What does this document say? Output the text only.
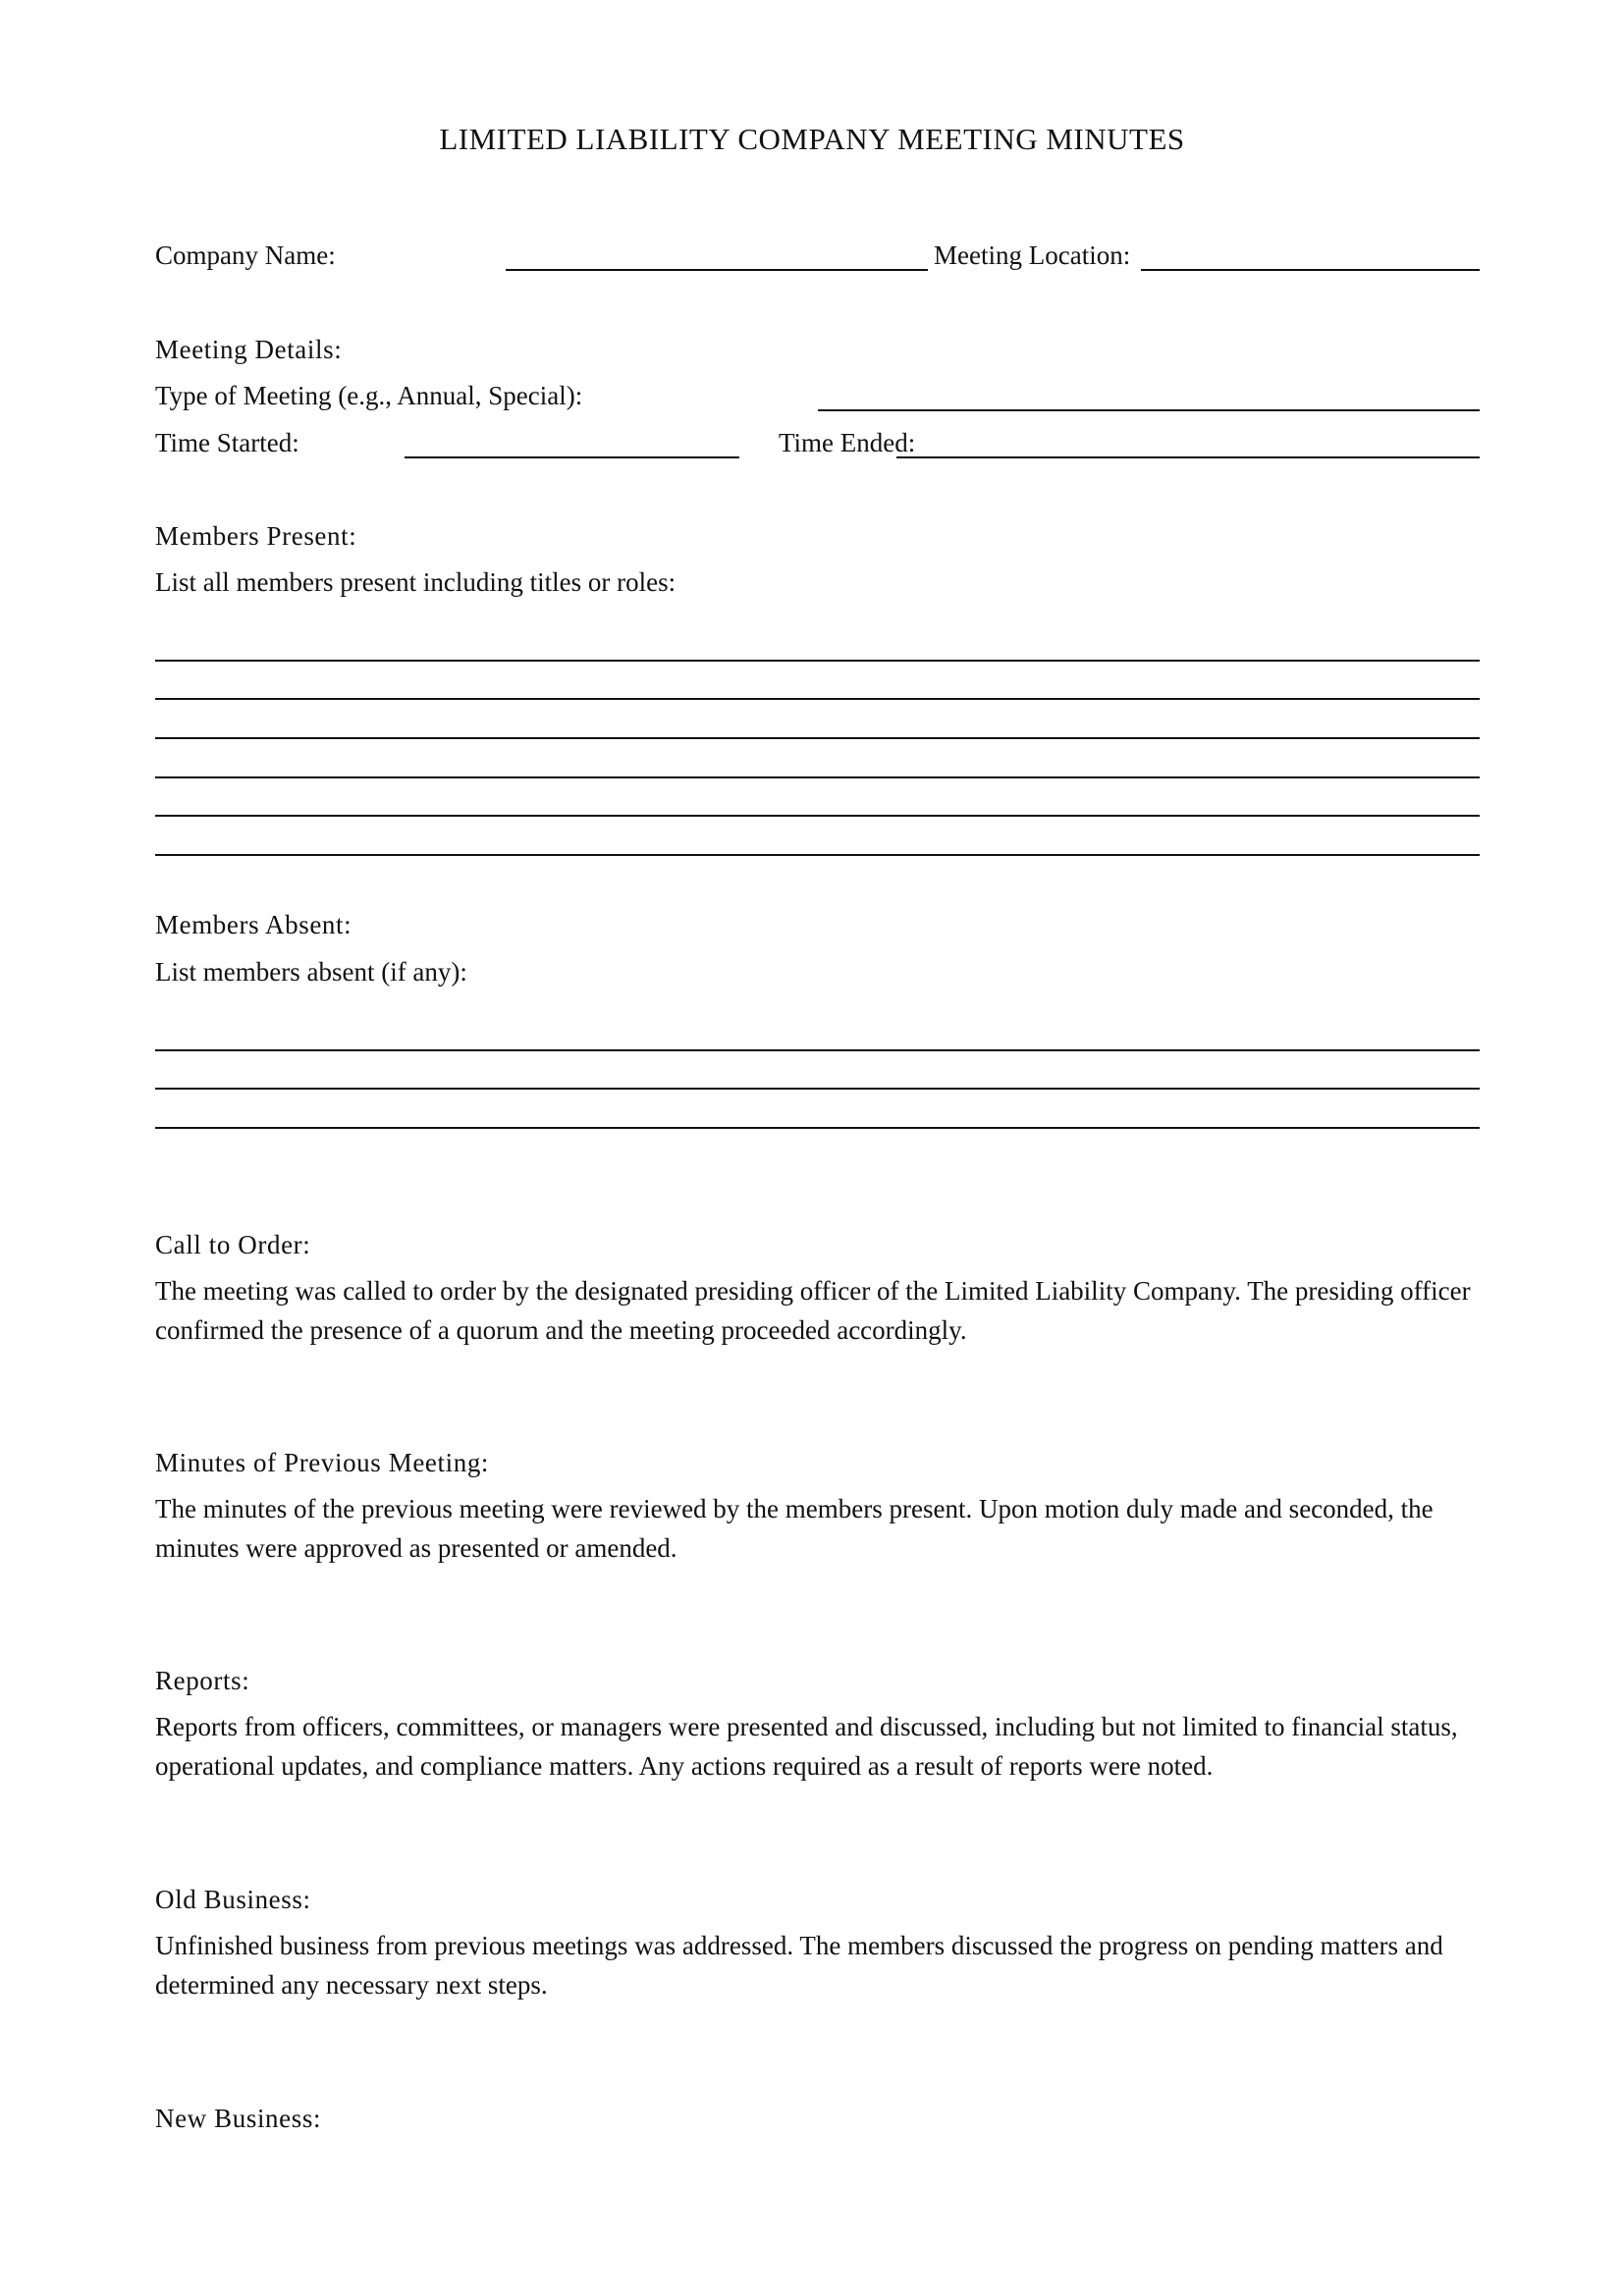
LIMITED LIABILITY COMPANY MEETING MINUTES
Company Name:	Meeting Location:
Meeting Details:
Type of Meeting (e.g., Annual, Special):
Time Started:	Time Ended:
Members Present:
List all members present including titles or roles:
Members Absent:
List members absent (if any):
Call to Order:
The meeting was called to order by the designated presiding officer of the Limited Liability Company. The presiding officer confirmed the presence of a quorum and the meeting proceeded accordingly.
Minutes of Previous Meeting:
The minutes of the previous meeting were reviewed by the members present. Upon motion duly made and seconded, the minutes were approved as presented or amended.
Reports:
Reports from officers, committees, or managers were presented and discussed, including but not limited to financial status, operational updates, and compliance matters. Any actions required as a result of reports were noted.
Old Business:
Unfinished business from previous meetings was addressed. The members discussed the progress on pending matters and determined any necessary next steps.
New Business:
